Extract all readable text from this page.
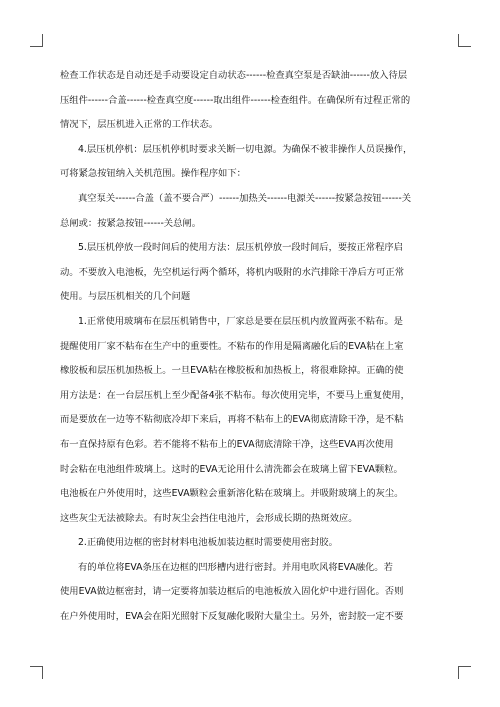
检查工作状态是自动还是手动要设定自动状态------检查真空泵是否缺油------放入待层

压组件------合盖------检查真空度------取出组件------检查组件。在确保所有过程正常的

情况下，层压机进入正常的工作状态。

4.层压机停机：层压机停机时要求关断一切电源。为确保不被非操作人员误操作，

可将紧急按钮纳入关机范围。操作程序如下：

真空泵关------合盖（盖不要合严）------加热关------电源关------按紧急按钮------关

总闸或：按紧急按钮------关总闸。

5.层压机停放一段时间后的使用方法：层压机停放一段时间后，要按正常程序启

动。不要放入电池板，先空机运行两个循环，将机内吸附的水汽排除干净后方可正常

使用。与层压机相关的几个问题

1.正常使用玻璃布在层压机销售中，厂家总是要在层压机内放置两张不粘布。是

提醒使用厂家不粘布在生产中的重要性。不粘布的作用是隔离融化后的EVA粘在上室

橡胶板和层压机加热板上。一旦EVA粘在橡胶板和加热板上，将很难除掉。正确的使

用方法是：在一台层压机上至少配备4张不粘布。每次使用完毕，不要马上重复使用，

而是要放在一边等不粘彻底冷却下来后，再将不粘布上的EVA彻底清除干净，是不粘

布一直保持原有色彩。若不能将不粘布上的EVA彻底清除干净，这些EVA再次使用

时会粘在电池组件玻璃上。这时的EVA无论用什么清洗都会在玻璃上留下EVA颗粒。

电池板在户外使用时，这些EVA颗粒会重新溶化粘在玻璃上。并吸附玻璃上的灰尘。

这些灰尘无法被除去。有时灰尘会挡住电池片，会形成长期的热斑效应。

2.正确使用边框的密封材料电池板加装边框时需要使用密封胶。

有的单位将EVA条压在边框的凹形槽内进行密封。并用电吹风将EVA融化。若

使用EVA做边框密封，请一定要将加装边框后的电池板放入固化炉中进行固化。否则

在户外使用时，EVA会在阳光照射下反复融化吸附大量尘土。另外，密封胶一定不要
